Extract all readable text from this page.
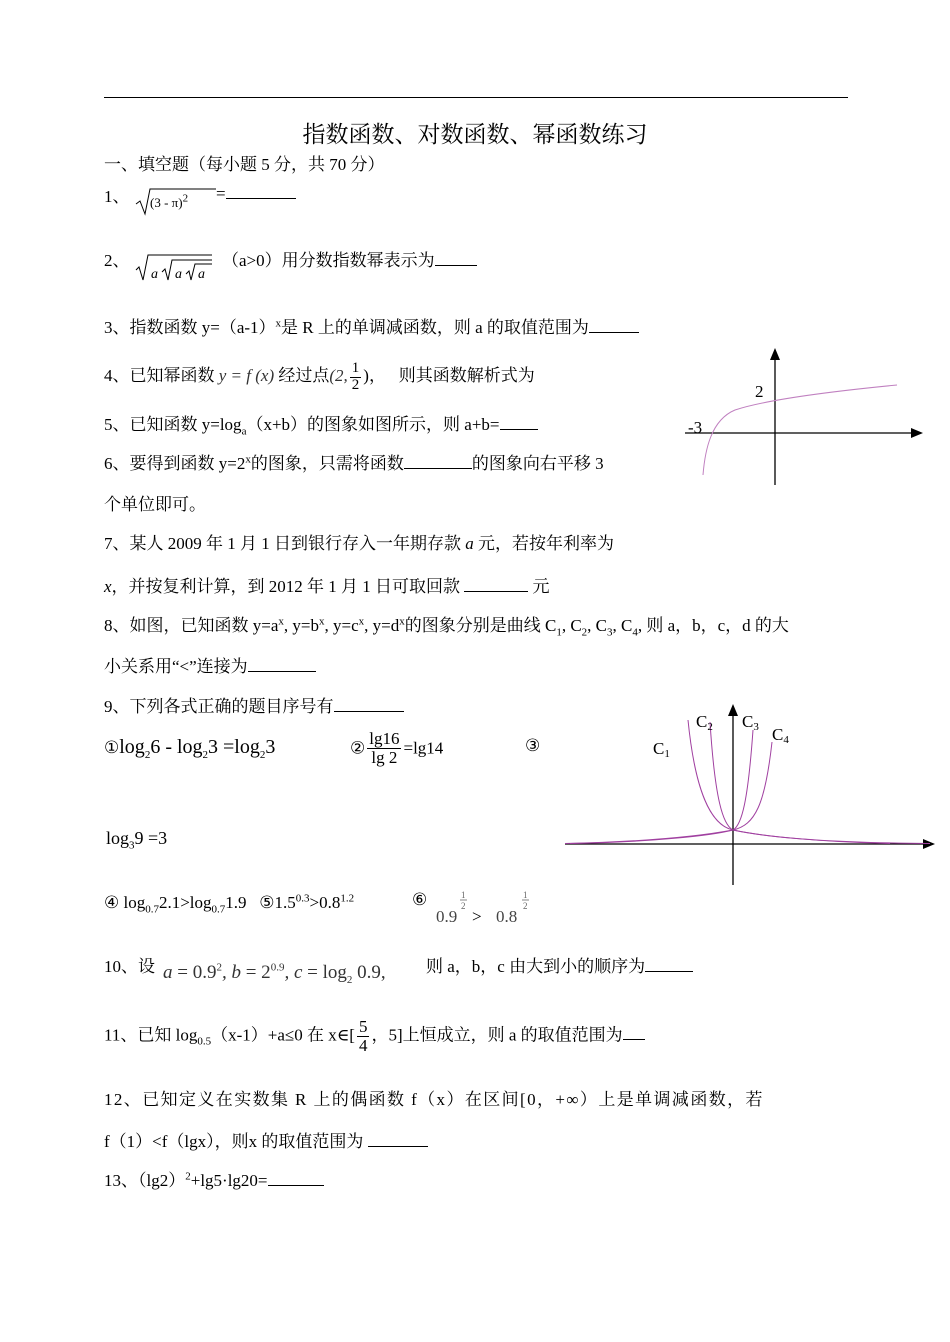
指数函数、对数函数、幂函数练习
一、填空题（每小题 5 分，共 70 分）
1、 (3 - π)$^2$ =
2、
a a a
（a>0）用分数指数幂表示为
3、指数函数 $y=(a-1)^x$是 R 上的单调减函数，则 a 的取值范围为
4、已知幂函数 y = f (x) 经过点(2, $\frac{1}{2}$ )， 则其函数解析式为
5、已知函数 $y=\log_a(x+b)$的图象如图所示，则 a+b=
6、要得到函数 $y=2^x$的图象，只需将函数	的图象向右平移 3
个单位即可。
2
-3
7、某人 2009 年 1 月 1 日到银行存入一年期存款 a 元，若按年利率为
x，并按复利计算，到 2012 年 1 月 1 日可取回款	元
8、如图，已知函数 $y=a^x$, $y=b^x$, $y=c^x$, $y=d^x$的图象分别是曲线 $C_1$, $C_2$, $C_3$, $C_4$, 则 a，b，c，d 的大
小关系用“<”连接为
9、下列各式正确的题目序号有
$①\log_26 - \log_23 =\log_23$	② $\frac{\lg 16}{\lg 2} =\lg 14$	③
$\log_39 =3$
④ $\log_{0.7}2.1>\log_{0.7}1.9$ $⑤1.5^{0.3}>0.8^{1.2}$	⑥
0.9
1
2
> 0.8
1
2
C1
C2 C3 C4
10、设 $a = 0.9^2$, $b = 2^{0.9}$, $c = \log_2 0.9$, 则 a，b，c 由大到小的顺序为
11、已知 $\log_{0.5}(x-1)+a\le 0$ 在 x∈[ $\frac{5}{4}$ ，5]上恒成立，则 a 的取值范围为
12、已知定义在实数集 R 上的偶函数 f（x）在区间[0，+∞）上是单调减函数，若
f（1）<f（lgx），则x 的取值范围为
13、$(\lg 2)^2+\lg 5\cdot\lg 20=$
